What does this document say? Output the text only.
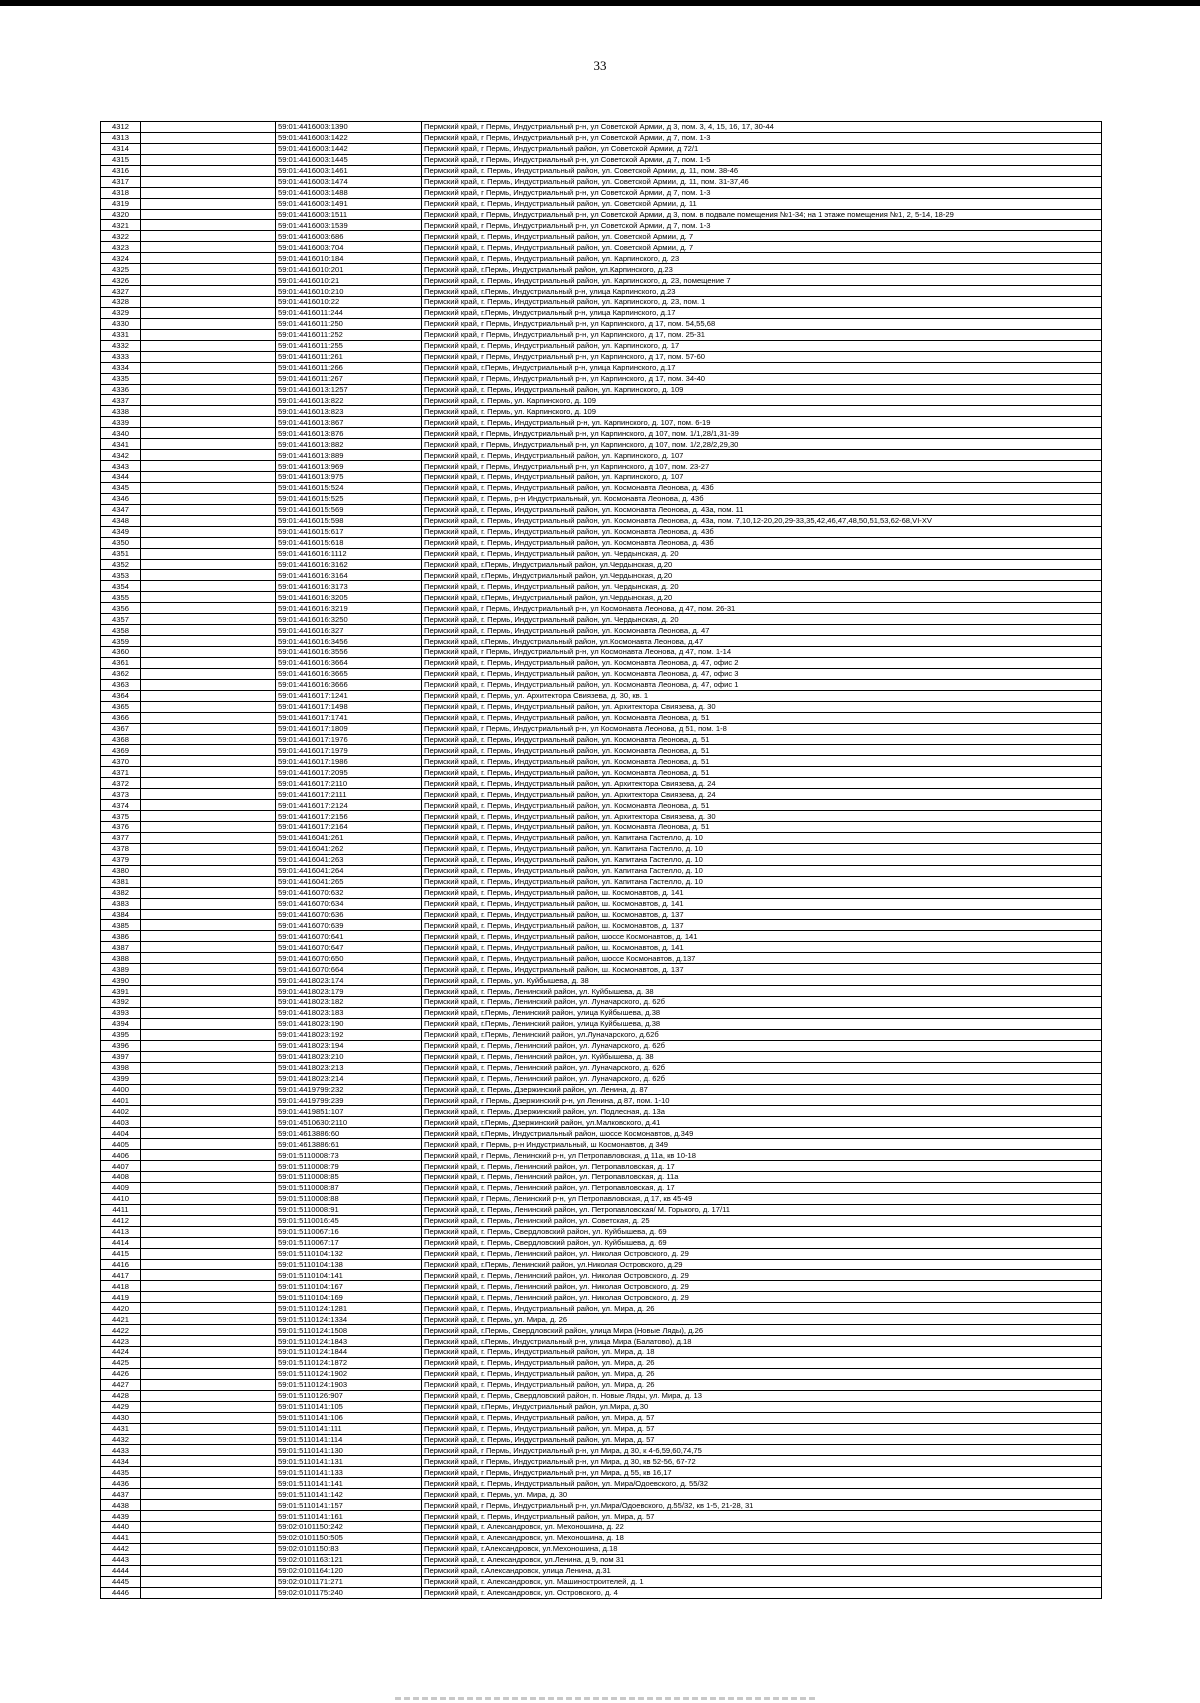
33
4312		59:01:4416003:1390	Пермский край, г Пермь, Индустриальный р-н, ул Советской Армии, д 3, пом. 3, 4, 15, 16, 17, 30-44
4313		59:01:4416003:1422	Пермский край, г Пермь, Индустриальный р-н, ул Советской Армии, д 7, пом. 1-3
4314		59:01:4416003:1442	Пермский край, г Пермь, Индустриальный район, ул Советской Армии, д 72/1
4315		59:01:4416003:1445	Пермский край, г Пермь, Индустриальный р-н, ул Советской Армии, д 7, пом. 1-5
4316		59:01:4416003:1461	Пермский край, г. Пермь, Индустриальный район, ул. Советской Армии, д. 11, пом. 38-46
4317		59:01:4416003:1474	Пермский край, г. Пермь, Индустриальный район, ул. Советской Армии, д. 11, пом. 31-37,46
4318		59:01:4416003:1488	Пермский край, г Пермь, Индустриальный р-н, ул Советской Армии, д 7, пом. 1-3
4319		59:01:4416003:1491	Пермский край, г. Пермь, Индустриальный район, ул. Советской Армии, д. 11
4320		59:01:4416003:1511	Пермский край, г Пермь, Индустриальный р-н, ул Советской Армии, д 3, пом. в подвале помещения №1-34; на 1 этаже помещения №1, 2, 5-14, 18-29
4321		59:01:4416003:1539	Пермский край, г Пермь, Индустриальный р-н, ул Советской Армии, д 7, пом. 1-3
4322		59:01:4416003:686	Пермский край, г. Пермь, Индустриальный район, ул. Советской Армии, д. 7
4323		59:01:4416003:704	Пермский край, г. Пермь, Индустриальный район, ул. Советской Армии, д. 7
4324		59:01:4416010:184	Пермский край, г. Пермь, Индустриальный район, ул. Карпинского, д. 23
4325		59:01:4416010:201	Пермский край, г.Пермь, Индустриальный район, ул.Карпинского, д.23
4326		59:01:4416010:21	Пермский край, г. Пермь, Индустриальный район, ул. Карпинского, д. 23, помещение 7
4327		59:01:4416010:210	Пермский край, г.Пермь, Индустриальный р-н, улица Карпинского, д.23
4328		59:01:4416010:22	Пермский край, г. Пермь, Индустриальный район, ул. Карпинского, д. 23, пом. 1
4329		59:01:4416011:244	Пермский край, г.Пермь, Индустриальный р-н, улица Карпинского, д.17
4330		59:01:4416011:250	Пермский край, г Пермь, Индустриальный р-н, ул Карпинского, д 17, пом. 54,55,68
4331		59:01:4416011:252	Пермский край, г Пермь, Индустриальный р-н, ул Карпинского, д 17, пом. 25-31
4332		59:01:4416011:255	Пермский край, г. Пермь, Индустриальный район, ул. Карпинского, д. 17
4333		59:01:4416011:261	Пермский край, г Пермь, Индустриальный р-н, ул Карпинского, д 17, пом. 57-60
4334		59:01:4416011:266	Пермский край, г.Пермь, Индустриальный р-н, улица Карпинского, д.17
4335		59:01:4416011:267	Пермский край, г Пермь, Индустриальный р-н, ул Карпинского, д 17, пом. 34-40
4336		59:01:4416013:1257	Пермский край, г. Пермь, Индустриальный район, ул. Карпинского, д. 109
4337		59:01:4416013:822	Пермский край, г. Пермь, ул. Карпинского, д. 109
4338		59:01:4416013:823	Пермский край, г. Пермь, ул. Карпинского, д. 109
4339		59:01:4416013:867	Пермский край, г. Пермь, Индустриальный р-н, ул. Карпинского, д. 107, пом. 6-19
4340		59:01:4416013:876	Пермский край, г Пермь, Индустриальный р-н, ул Карпинского, д 107, пом. 1/1,28/1,31-39
4341		59:01:4416013:882	Пермский край, г Пермь, Индустриальный р-н, ул Карпинского, д 107, пом. 1/2,28/2,29,30
4342		59:01:4416013:889	Пермский край, г. Пермь, Индустриальный район, ул. Карпинского, д. 107
4343		59:01:4416013:969	Пермский край, г Пермь, Индустриальный р-н, ул Карпинского, д 107, пом. 23-27
4344		59:01:4416013:975	Пермский край, г. Пермь, Индустриальный район, ул. Карпинского, д. 107
4345		59:01:4416015:524	Пермский край, г. Пермь, Индустриальный район, ул. Космонавта Леонова, д. 43б
4346		59:01:4416015:525	Пермский край, г. Пермь, р-н Индустриальный, ул. Космонавта Леонова, д. 43б
4347		59:01:4416015:569	Пермский край, г. Пермь, Индустриальный район, ул. Космонавта Леонова, д. 43а, пом. 11
4348		59:01:4416015:598	Пермский край, г. Пермь, Индустриальный район, ул. Космонавта Леонова, д. 43а, пом. 7,10,12-20,20,29-33,35,42,46,47,48,50,51,53,62-68,VI-XV
4349		59:01:4416015:617	Пермский край, г. Пермь, Индустриальный район, ул. Космонавта Леонова, д. 43б
4350		59:01:4416015:618	Пермский край, г. Пермь, Индустриальный район, ул. Космонавта Леонова, д. 43б
4351		59:01:4416016:1112	Пермский край, г. Пермь, Индустриальный район, ул. Чердынская, д. 20
4352		59:01:4416016:3162	Пермский край, г.Пермь, Индустриальный район, ул.Чердынская, д.20
4353		59:01:4416016:3164	Пермский край, г.Пермь, Индустриальный район, ул.Чердынская, д.20
4354		59:01:4416016:3173	Пермский край, г. Пермь, Индустриальный район, ул. Чердынская, д. 20
4355		59:01:4416016:3205	Пермский край, г.Пермь, Индустриальный район, ул.Чердынская, д.20
4356		59:01:4416016:3219	Пермский край, г Пермь, Индустриальный р-н, ул Космонавта Леонова, д 47, пом. 26-31
4357		59:01:4416016:3250	Пермский край, г. Пермь, Индустриальный район, ул. Чердынская, д. 20
4358		59:01:4416016:327	Пермский край, г. Пермь, Индустриальный район, ул. Космонавта Леонова, д. 47
4359		59:01:4416016:3456	Пермский край, г.Пермь, Индустриальный район, ул.Космонавта Леонова, д.47
4360		59:01:4416016:3556	Пермский край, г Пермь, Индустриальный р-н, ул Космонавта Леонова, д 47, пом. 1-14
4361		59:01:4416016:3664	Пермский край, г. Пермь, Индустриальный район, ул. Космонавта Леонова, д. 47, офис 2
4362		59:01:4416016:3665	Пермский край, г. Пермь, Индустриальный район, ул. Космонавта Леонова, д. 47, офис 3
4363		59:01:4416016:3666	Пермский край, г. Пермь, Индустриальный район, ул. Космонавта Леонова, д. 47, офис 1
4364		59:01:4416017:1241	Пермский край, г. Пермь, ул. Архитектора Свиязева, д. 30, кв. 1
4365		59:01:4416017:1498	Пермский край, г. Пермь, Индустриальный район, ул. Архитектора Свиязева, д. 30
4366		59:01:4416017:1741	Пермский край, г. Пермь, Индустриальный район, ул. Космонавта Леонова, д. 51
4367		59:01:4416017:1809	Пермский край, г Пермь, Индустриальный р-н, ул Космонавта Леонова, д 51, пом. 1-8
4368		59:01:4416017:1976	Пермский край, г. Пермь, Индустриальный район, ул. Космонавта Леонова, д. 51
4369		59:01:4416017:1979	Пермский край, г. Пермь, Индустриальный район, ул. Космонавта Леонова, д. 51
4370		59:01:4416017:1986	Пермский край, г. Пермь, Индустриальный район, ул. Космонавта Леонова, д. 51
4371		59:01:4416017:2095	Пермский край, г. Пермь, Индустриальный район, ул. Космонавта Леонова, д. 51
4372		59:01:4416017:2110	Пермский край, г. Пермь, Индустриальный район, ул. Архитектора Свиязева, д. 24
4373		59:01:4416017:2111	Пермский край, г. Пермь, Индустриальный район, ул. Архитектора Свиязева, д. 24
4374		59:01:4416017:2124	Пермский край, г. Пермь, Индустриальный район, ул. Космонавта Леонова, д. 51
4375		59:01:4416017:2156	Пермский край, г. Пермь, Индустриальный район, ул. Архитектора Свиязева, д. 30
4376		59:01:4416017:2164	Пермский край, г. Пермь, Индустриальный район, ул. Космонавта Леонова, д. 51
4377		59:01:4416041:261	Пермский край, г. Пермь, Индустриальный район, ул. Капитана Гастелло, д. 10
4378		59:01:4416041:262	Пермский край, г. Пермь, Индустриальный район, ул. Капитана Гастелло, д. 10
4379		59:01:4416041:263	Пермский край, г. Пермь, Индустриальный район, ул. Капитана Гастелло, д. 10
4380		59:01:4416041:264	Пермский край, г. Пермь, Индустриальный район, ул. Капитана Гастелло, д. 10
4381		59:01:4416041:265	Пермский край, г. Пермь, Индустриальный район, ул. Капитана Гастелло, д. 10
4382		59:01:4416070:632	Пермский край, г. Пермь, Индустриальный район, ш. Космонавтов, д. 141
4383		59:01:4416070:634	Пермский край, г. Пермь, Индустриальный район, ш. Космонавтов, д. 141
4384		59:01:4416070:636	Пермский край, г. Пермь, Индустриальный район, ш. Космонавтов, д. 137
4385		59:01:4416070:639	Пермский край, г. Пермь, Индустриальный район, ш. Космонавтов, д. 137
4386		59:01:4416070:641	Пермский край, г. Пермь, Индустриальный район, шоссе Космонавтов, д. 141
4387		59:01:4416070:647	Пермский край, г. Пермь, Индустриальный район, ш. Космонавтов, д. 141
4388		59:01:4416070:650	Пермский край, г. Пермь, Индустриальный район, шоссе Космонавтов, д.137
4389		59:01:4416070:664	Пермский край, г. Пермь, Индустриальный район, ш. Космонавтов, д. 137
4390		59:01:4418023:174	Пермский край, г. Пермь, ул. Куйбышева, д. 38
4391		59:01:4418023:179	Пермский край, г. Пермь, Ленинский район, ул. Куйбышева, д. 38
4392		59:01:4418023:182	Пермский край, г. Пермь, Ленинский район, ул. Луначарского, д. 62б
4393		59:01:4418023:183	Пермский край, г.Пермь, Ленинский район, улица Куйбышева, д.38
4394		59:01:4418023:190	Пермский край, г.Пермь, Ленинский район, улица Куйбышева, д.38
4395		59:01:4418023:192	Пермский край, г.Пермь, Ленинский район, ул.Луначарского, д.62б
4396		59:01:4418023:194	Пермский край, г. Пермь, Ленинский район, ул. Луначарского, д. 62б
4397		59:01:4418023:210	Пермский край, г. Пермь, Ленинский район, ул. Куйбышева, д. 38
4398		59:01:4418023:213	Пермский край, г. Пермь, Ленинский район, ул. Луначарского, д. 62б
4399		59:01:4418023:214	Пермский край, г. Пермь, Ленинский район, ул. Луначарского, д. 62б
4400		59:01:4419799:232	Пермский край, г. Пермь, Дзержинский район, ул. Ленина, д. 87
4401		59:01:4419799:239	Пермский край, г Пермь, Дзержинский р-н, ул Ленина, д 87, пом. 1-10
4402		59:01:4419851:107	Пермский край, г. Пермь, Дзержинский район, ул. Подлесная, д. 13а
4403		59:01:4510630:2110	Пермский край, г.Пермь, Дзержинский район, ул.Малковского, д.41
4404		59:01:4613886:60	Пермский край, г.Пермь, Индустриальный район, шоссе Космонавтов, д.349
4405		59:01:4613886:61	Пермский край, г Пермь, р-н Индустриальный, ш Космонавтов, д 349
4406		59:01:5110008:73	Пермский край, г Пермь, Ленинский р-н, ул Петропавловская, д 11а, кв 10-18
4407		59:01:5110008:79	Пермский край, г. Пермь, Ленинский район, ул. Петропавловская, д. 17
4408		59:01:5110008:85	Пермский край, г. Пермь, Ленинский район, ул. Петропавловская, д. 11а
4409		59:01:5110008:87	Пермский край, г. Пермь, Ленинский район, ул. Петропавловская, д. 17
4410		59:01:5110008:88	Пермский край, г Пермь, Ленинский р-н, ул Петропавловская, д 17, кв 45-49
4411		59:01:5110008:91	Пермский край, г. Пермь, Ленинский район, ул. Петропавловская/ М. Горького, д. 17/11
4412		59:01:5110016:45	Пермский край, г. Пермь, Ленинский район, ул. Советская, д. 25
4413		59:01:5110067:16	Пермский край, г. Пермь, Свердловский район, ул. Куйбышева, д. 69
4414		59:01:5110067:17	Пермский край, г. Пермь, Свердловский район, ул. Куйбышева, д. 69
4415		59:01:5110104:132	Пермский край, г. Пермь, Ленинский район, ул. Николая Островского, д. 29
4416		59:01:5110104:138	Пермский край, г.Пермь, Ленинский район, ул.Николая Островского, д.29
4417		59:01:5110104:141	Пермский край, г. Пермь, Ленинский район, ул. Николая Островского, д. 29
4418		59:01:5110104:167	Пермский край, г. Пермь, Ленинский район, ул. Николая Островского, д. 29
4419		59:01:5110104:169	Пермский край, г. Пермь, Ленинский район, ул. Николая Островского, д. 29
4420		59:01:5110124:1281	Пермский край, г. Пермь, Индустриальный район, ул. Мира, д. 26
4421		59:01:5110124:1334	Пермский край, г. Пермь, ул. Мира, д. 26
4422		59:01:5110124:1508	Пермский край, г.Пермь, Свердловский район, улица Мира (Новые Ляды), д.26
4423		59:01:5110124:1843	Пермский край, г.Пермь, Индустриальный р-н, улица Мира (Балатово), д.18
4424		59:01:5110124:1844	Пермский край, г. Пермь, Индустриальный район, ул. Мира, д. 18
4425		59:01:5110124:1872	Пермский край, г. Пермь, Индустриальный район, ул. Мира, д. 26
4426		59:01:5110124:1902	Пермский край, г. Пермь, Индустриальный район, ул. Мира, д. 26
4427		59:01:5110124:1903	Пермский край, г. Пермь, Индустриальный район, ул. Мира, д. 26
4428		59:01:5110126:907	Пермский край, г. Пермь, Свердловский район, п. Новые Ляды, ул. Мира, д. 13
4429		59:01:5110141:105	Пермский край, г.Пермь, Индустриальный район, ул.Мира, д.30
4430		59:01:5110141:106	Пермский край, г. Пермь, Индустриальный район, ул. Мира, д. 57
4431		59:01:5110141:111	Пермский край, г. Пермь, Индустриальный район, ул. Мира, д. 57
4432		59:01:5110141:114	Пермский край, г. Пермь, Индустриальный район, ул. Мира, д. 57
4433		59:01:5110141:130	Пермский край, г Пермь, Индустриальный р-н, ул Мира, д 30, к 4-6,59,60,74,75
4434		59:01:5110141:131	Пермский край, г Пермь, Индустриальный р-н, ул Мира, д 30, кв 52-56, 67-72
4435		59:01:5110141:133	Пермский край, г Пермь, Индустриальный р-н, ул Мира, д 55, кв 16,17
4436		59:01:5110141:141	Пермский край, г. Пермь, Индустриальный район, ул. Мира/Одоевского, д. 55/32
4437		59:01:5110141:142	Пермский край, г. Пермь, ул. Мира, д. 30
4438		59:01:5110141:157	Пермский край, г Пермь, Индустриальный р-н, ул.Мира/Одоевского, д.55/32, кв 1-5, 21-28, 31
4439		59:01:5110141:161	Пермский край, г. Пермь, Индустриальный район, ул. Мира, д. 57
4440		59:02:0101150:242	Пермский край, г. Александровск, ул. Мехоношина, д. 22
4441		59:02:0101150:505	Пермский край, г. Александровск, ул. Мехоношина, д. 18
4442		59:02:0101150:83	Пермский край, г.Александровск, ул.Мехоношина, д.18
4443		59:02:0101163:121	Пермский край, г. Александровск, ул.Ленина, д 9, пом 31
4444		59:02:0101164:120	Пермский край, г.Александровск, улица Ленина, д.31
4445		59:02:0101171:271	Пермский край, г. Александровск, ул. Машиностроителей, д. 1
4446		59:02:0101175:240	Пермский край, г. Александровск, ул. Островского, д. 4
